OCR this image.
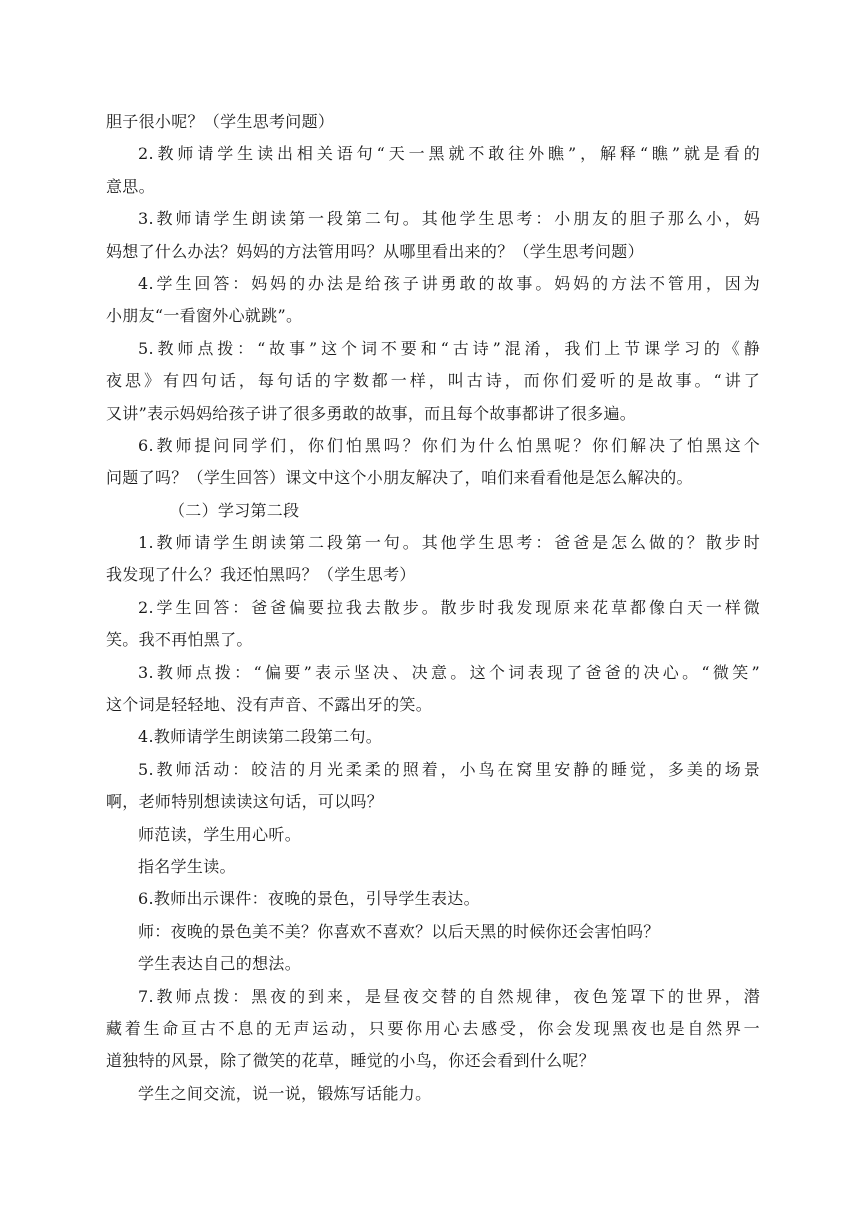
胆子很小呢？（学生思考问题）
2.教师请学生读出相关语句“天一黑就不敢往外瞧”，解释“瞧”就是看的
意思。
3.教师请学生朗读第一段第二句。其他学生思考：小朋友的胆子那么小，妈
妈想了什么办法？妈妈的方法管用吗？从哪里看出来的？（学生思考问题）
4.学生回答：妈妈的办法是给孩子讲勇敢的故事。妈妈的方法不管用，因为
小朋友“一看窗外心就跳”。
5.教师点拨：“故事”这个词不要和“古诗”混淆，我们上节课学习的《静
夜思》有四句话，每句话的字数都一样，叫古诗，而你们爱听的是故事。“讲了
又讲”表示妈妈给孩子讲了很多勇敢的故事，而且每个故事都讲了很多遍。
6.教师提问同学们，你们怕黑吗？你们为什么怕黑呢？你们解决了怕黑这个
问题了吗？（学生回答）课文中这个小朋友解决了，咱们来看看他是怎么解决的。
（二）学习第二段
1.教师请学生朗读第二段第一句。其他学生思考：爸爸是怎么做的？散步时
我发现了什么？我还怕黑吗？（学生思考）
2.学生回答：爸爸偏要拉我去散步。散步时我发现原来花草都像白天一样微
笑。我不再怕黑了。
3.教师点拨：“偏要”表示坚决、决意。这个词表现了爸爸的决心。“微笑”
这个词是轻轻地、没有声音、不露出牙的笑。
4.教师请学生朗读第二段第二句。
5.教师活动：皎洁的月光柔柔的照着，小鸟在窝里安静的睡觉，多美的场景
啊，老师特别想读读这句话，可以吗？
师范读，学生用心听。
指名学生读。
6.教师出示课件：夜晚的景色，引导学生表达。
师：夜晚的景色美不美？你喜欢不喜欢？以后天黑的时候你还会害怕吗？
学生表达自己的想法。
7.教师点拨：黑夜的到来，是昼夜交替的自然规律，夜色笼罩下的世界，潜
藏着生命亘古不息的无声运动，只要你用心去感受，你会发现黑夜也是自然界一
道独特的风景，除了微笑的花草，睡觉的小鸟，你还会看到什么呢？
学生之间交流，说一说，锻炼写话能力。
